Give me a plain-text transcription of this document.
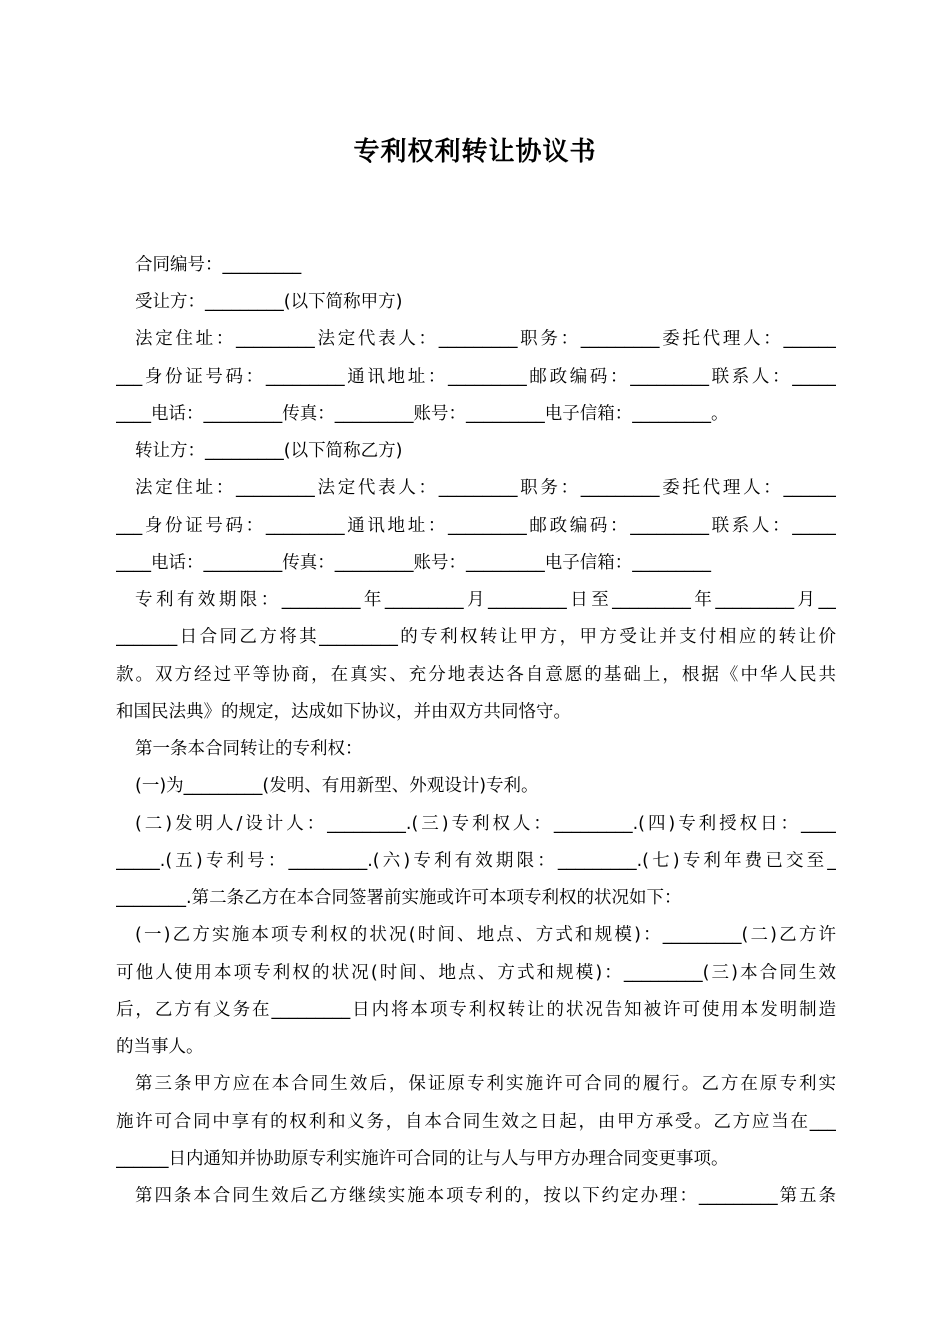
专利权利转让协议书
合同编号：_________
受让方：_________(以下简称甲方)
法定住址：_________法定代表人：_________职务：_________委托代理人：______
___身份证号码：_________通讯地址：_________邮政编码：_________联系人：_____
____电话：_________传真：_________账号：_________电子信箱：_________。
转让方：_________(以下简称乙方)
法定住址：_________法定代表人：_________职务：_________委托代理人：______
___身份证号码：_________通讯地址：_________邮政编码：_________联系人：_____
____电话：_________传真：_________账号：_________电子信箱：_________
专利有效期限：_________年_________月_________日至_________年_________月__
_______日合同乙方将其_________的专利权转让甲方，甲方受让并支付相应的转让价
款。双方经过平等协商，在真实、充分地表达各自意愿的基础上，根据《中华人民共
和国民法典》的规定，达成如下协议，并由双方共同恪守。
第一条本合同转让的专利权：
(一)为_________(发明、有用新型、外观设计)专利。
(二)发明人/设计人：_________.(三)专利权人：_________.(四)专利授权日：____
_____.(五)专利号：_________.(六)专利有效期限：_________.(七)专利年费已交至_
________.第二条乙方在本合同签署前实施或许可本项专利权的状况如下：
(一)乙方实施本项专利权的状况(时间、地点、方式和规模)：_________(二)乙方许
可他人使用本项专利权的状况(时间、地点、方式和规模)：_________(三)本合同生效
后，乙方有义务在_________日内将本项专利权转让的状况告知被许可使用本发明制造
的当事人。
第三条甲方应在本合同生效后，保证原专利实施许可合同的履行。乙方在原专利实
施许可合同中享有的权利和义务，自本合同生效之日起，由甲方承受。乙方应当在___
______日内通知并协助原专利实施许可合同的让与人与甲方办理合同变更事项。
第四条本合同生效后乙方继续实施本项专利的，按以下约定办理：_________第五条
